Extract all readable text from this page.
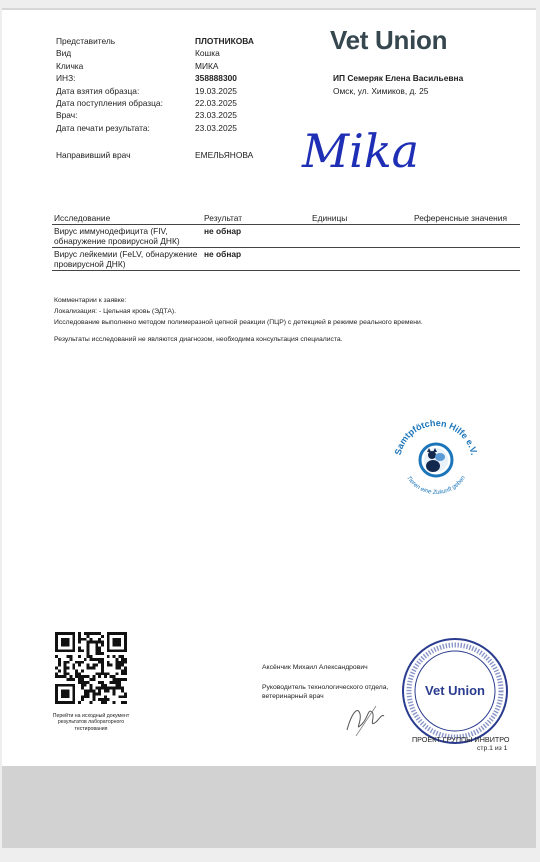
Представитель	ПЛОТНИКОВА
Вид	Кошка
Кличка	МИКА
ИНЗ:	358888300
Дата взятия образца:	19.03.2025
Дата поступления образца:	22.03.2025
Врач:	23.03.2025
Дата печати результата:	23.03.2025
Направивший врач	ЕМЕЛЬЯНОВА
Vet Union
ИП Семеряк Елена Васильевна
Омск, ул. Химиков, д. 25
Mika
Исследование	Результат	Единицы	Референсные значения
Вирус иммунодефицита (FIV, обнаружение провирусной ДНК)	не обнар		
Вирус лейкемии (FeLV, обнаружение провирусной ДНК)	не обнар		
Комментарии к заявке:
Локализация: - Цельная кровь (ЭДТА).
Исследование выполнено методом полимеразной цепной реакции (ПЦР) с детекцией в режиме реального времени.
Результаты исследований не являются диагнозом, необходима консультация специалиста.
Samtpfötchen Hilfe e.V.
Tieren eine Zukunft geben
Перейти на исходный документ результатов лабораторного тестирования
Аксёнчик Михаил Александрович
Руководитель технологического отдела, ветеринарный врач	Vet Union
ПРОЕКТ ГРУППЫ ИНВИТРО
стр.1 из 1
